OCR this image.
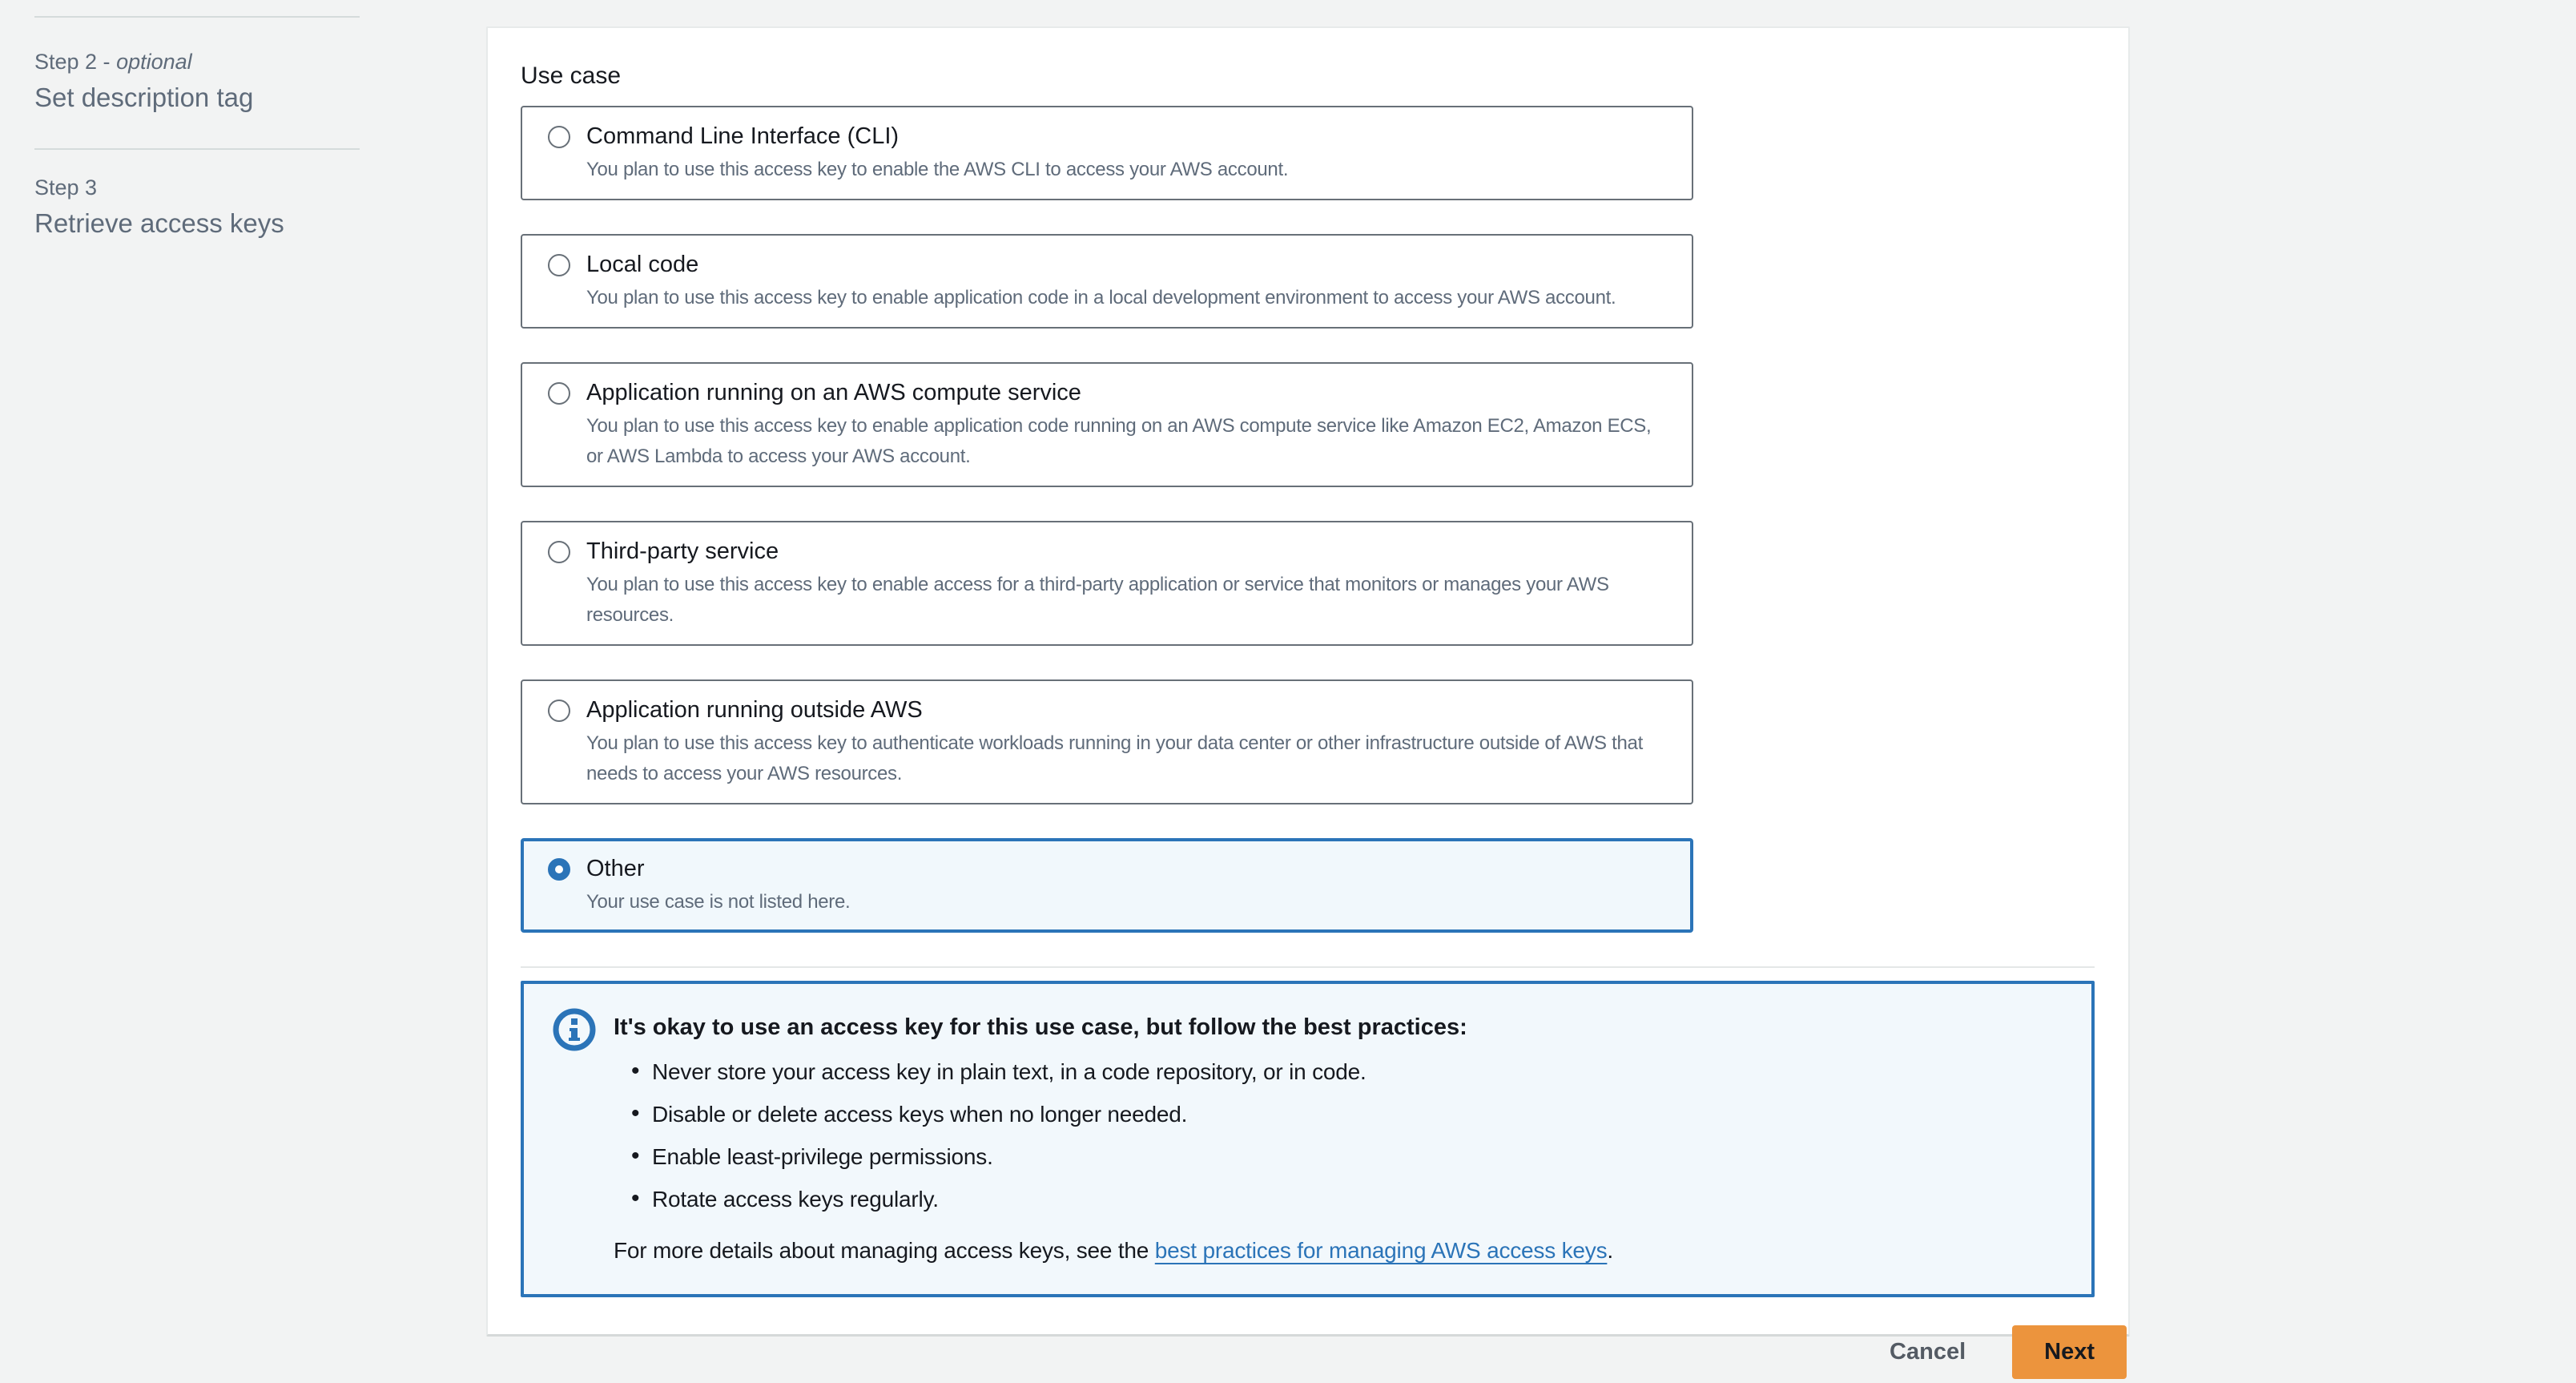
Step 2 - optional
Set description tag
Step 3
Retrieve access keys
Use case
Command Line Interface (CLI)
You plan to use this access key to enable the AWS CLI to access your AWS account.
Local code
You plan to use this access key to enable application code in a local development environment to access your AWS account.
Application running on an AWS compute service
You plan to use this access key to enable application code running on an AWS compute service like Amazon EC2, Amazon ECS, or AWS Lambda to access your AWS account.
Third-party service
You plan to use this access key to enable access for a third-party application or service that monitors or manages your AWS resources.
Application running outside AWS
You plan to use this access key to authenticate workloads running in your data center or other infrastructure outside of AWS that needs to access your AWS resources.
Other
Your use case is not listed here.
It's okay to use an access key for this use case, but follow the best practices:
• Never store your access key in plain text, in a code repository, or in code.
• Disable or delete access keys when no longer needed.
• Enable least-privilege permissions.
• Rotate access keys regularly.
For more details about managing access keys, see the best practices for managing AWS access keys.
Cancel	Next
